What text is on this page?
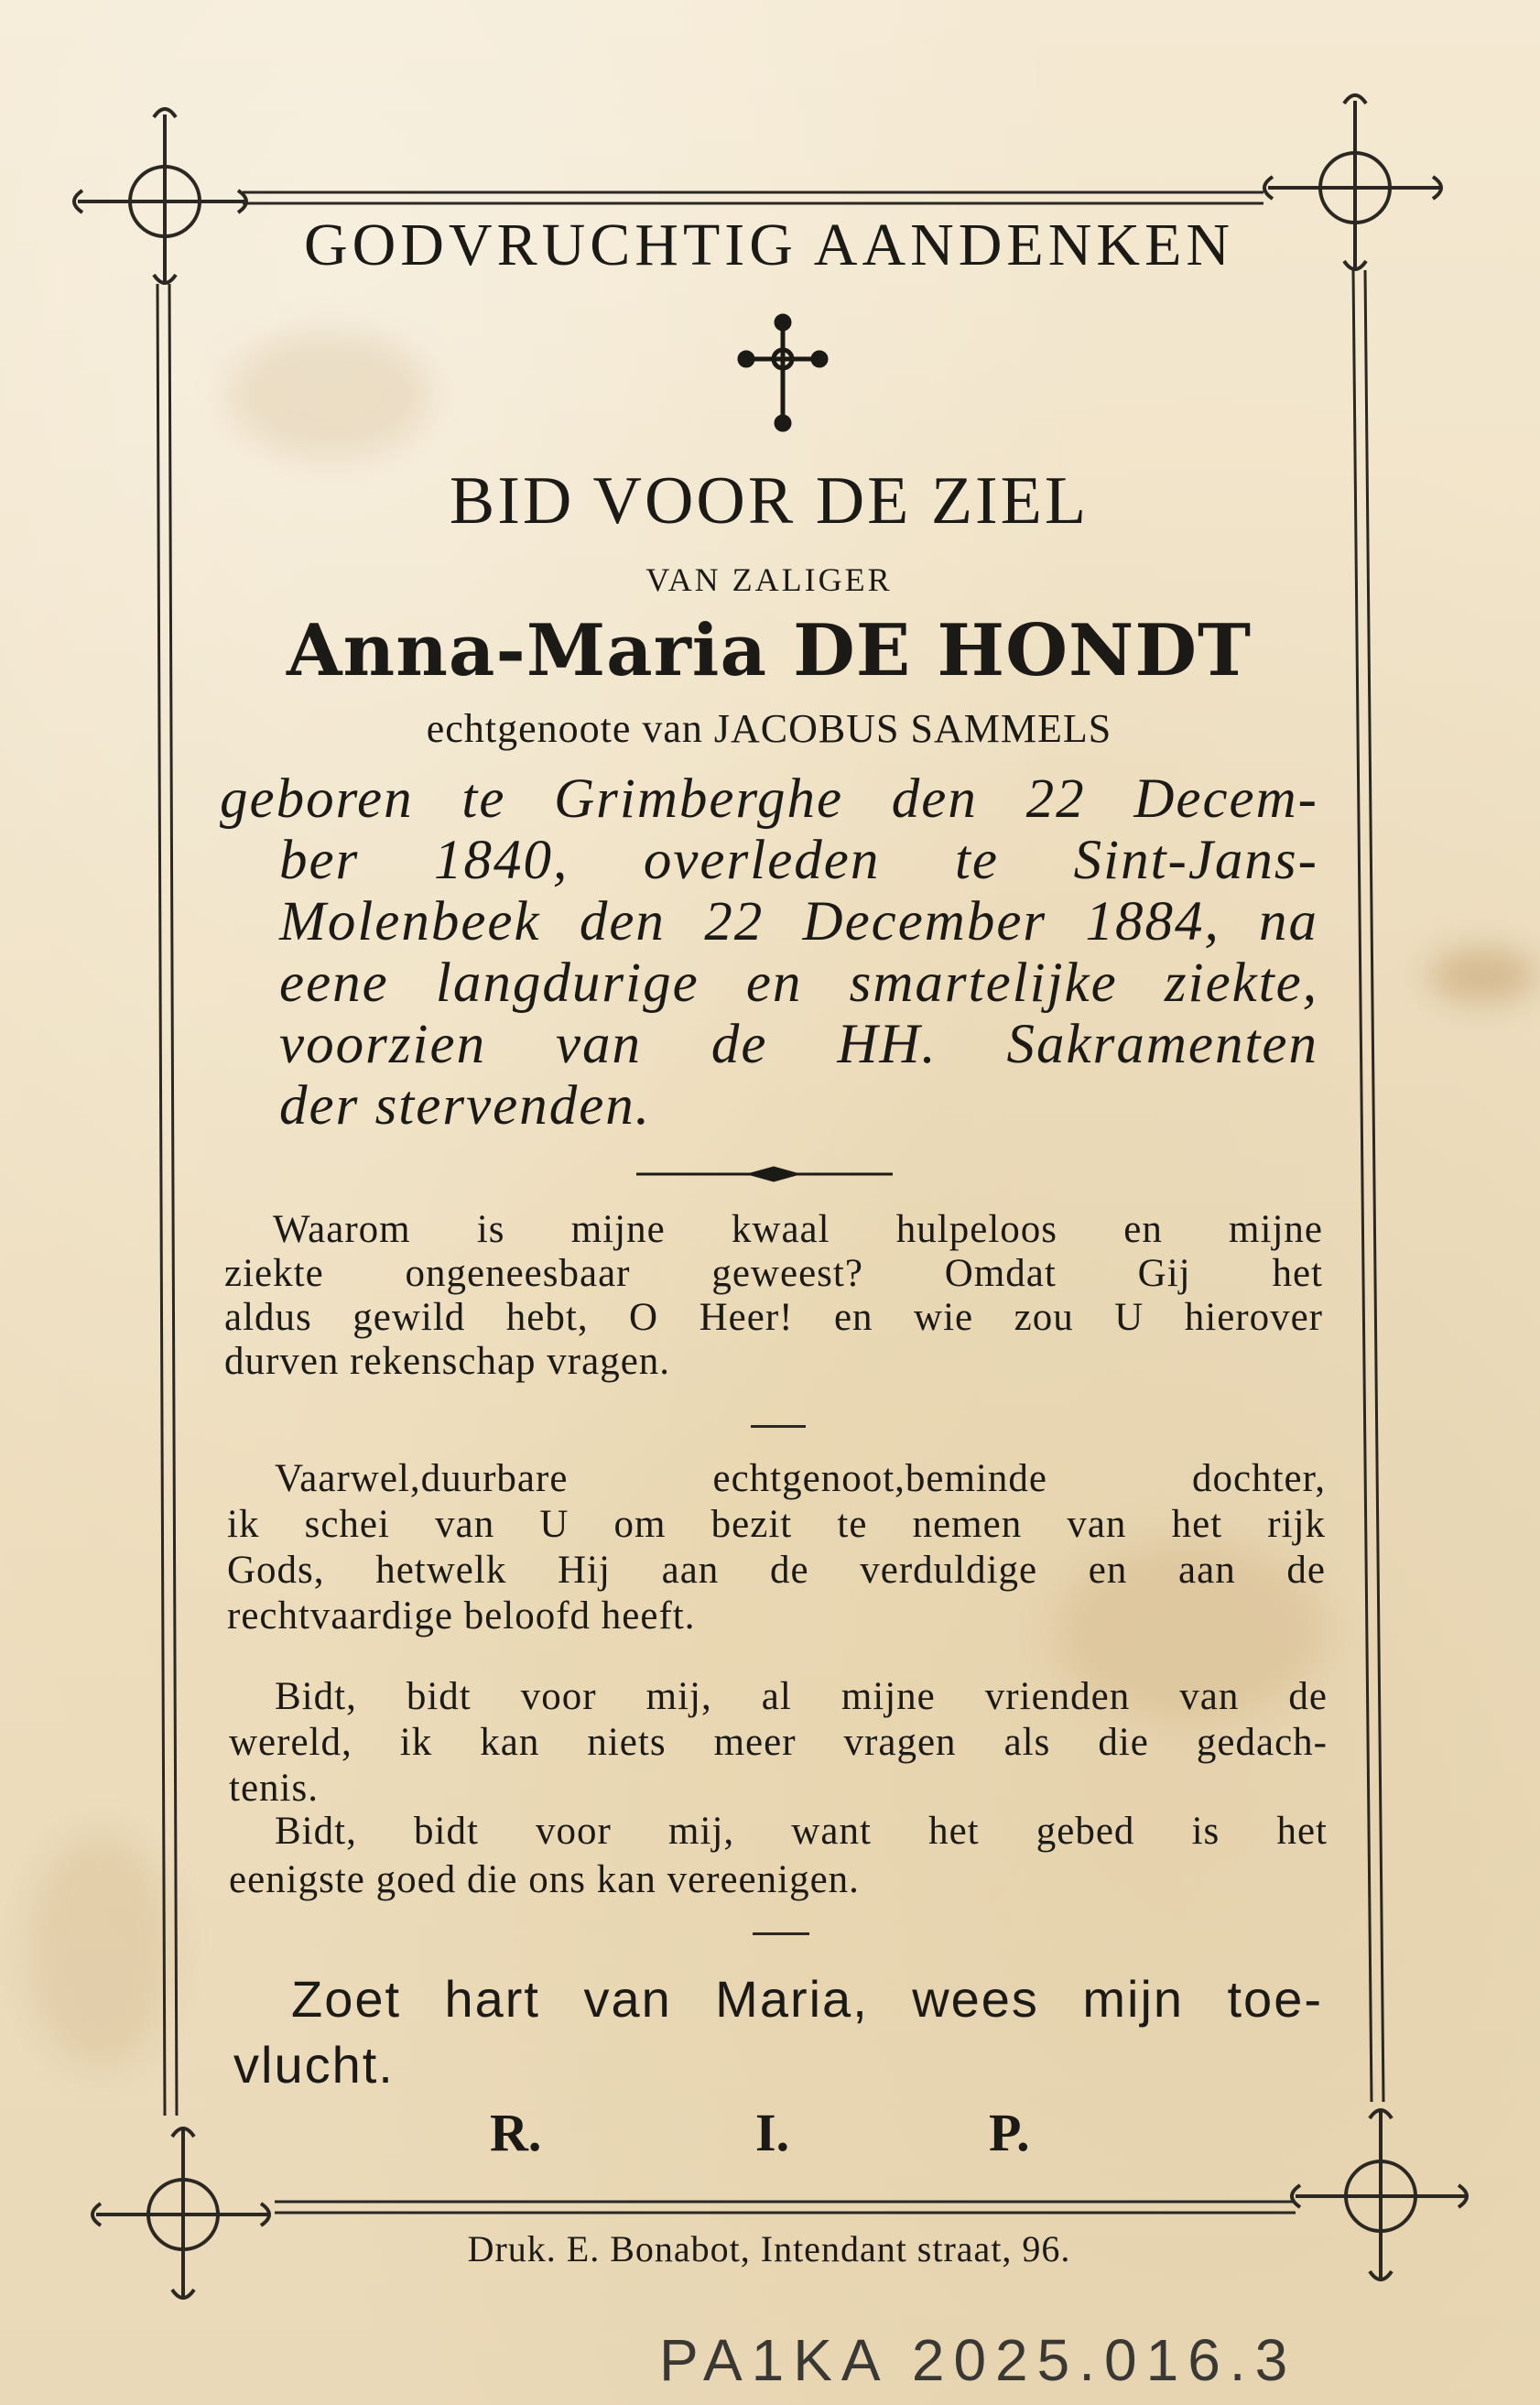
GODVRUCHTIG AANDENKEN

BID VOOR DE ZIEL

VAN ZALIGER

Anna-Maria DE HONDT

echtgenoote van JACOBUS SAMMELS

geboren te Grimberghe den 22 Decem-

ber 1840, overleden te Sint-Jans-

Molenbeek den 22 December 1884, na

eene langdurige en smartelijke ziekte,

voorzien van de HH. Sakramenten

der stervenden.

Waarom is mijne kwaal hulpeloos en mijne

ziekte ongeneesbaar geweest? Omdat Gij het

aldus gewild hebt, O Heer! en wie zou U hierover

durven rekenschap vragen.

Vaarwel,duurbare echtgenoot,beminde dochter,

ik schei van U om bezit te nemen van het rijk

Gods, hetwelk Hij aan de verduldige en aan de

rechtvaardige beloofd heeft.

Bidt, bidt voor mij, al mijne vrienden van de

wereld, ik kan niets meer vragen als die gedach-

tenis.

Bidt, bidt voor mij, want het gebed is het

eenigste goed die ons kan vereenigen.

Zoet hart van Maria, wees mijn toe-

vlucht.

R.	I.	P.

Druk. E. Bonabot, Intendant straat, 96.

PA1KA 2025.016.3
